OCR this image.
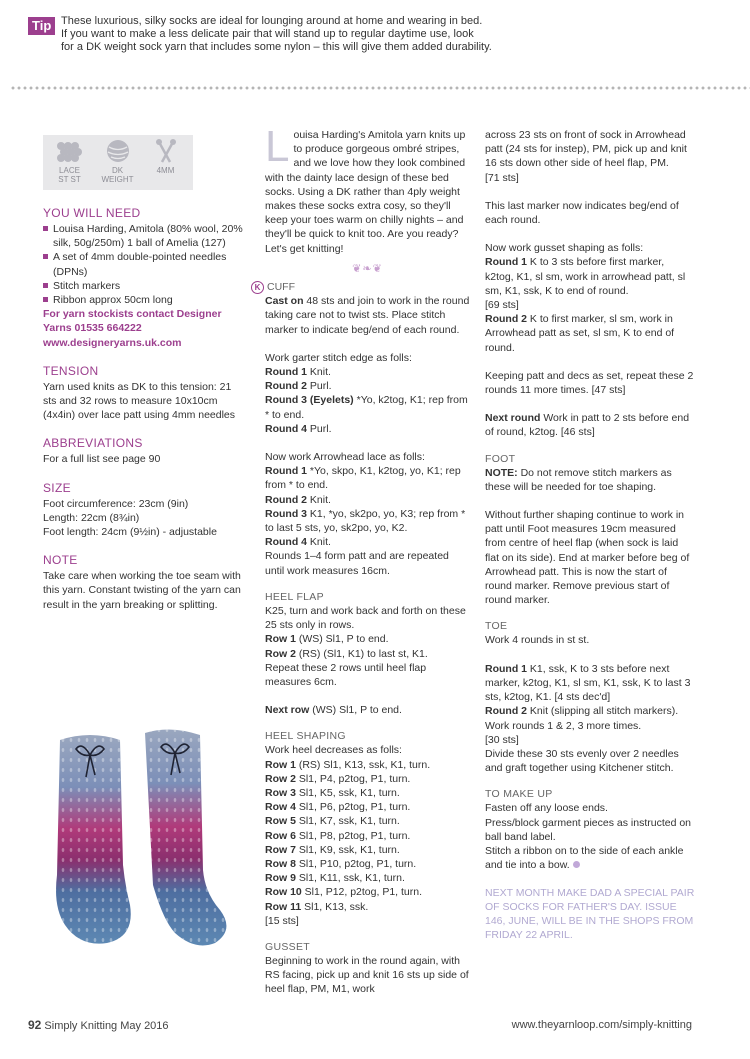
Tip These luxurious, silky socks are ideal for lounging around at home and wearing in bed.
If you want to make a less delicate pair that will stand up to regular daytime use, look
for a DK weight sock yarn that includes some nylon – this will give them added durability.
LACE
ST ST
DK
WEIGHT
4MM
YOU WILL NEED
Louisa Harding, Amitola (80% wool, 20% silk, 50g/250m) 1 ball of Amelia (127)
A set of 4mm double-pointed needles (DPNs)
Stitch markers
Ribbon approx 50cm long

For yarn stockists contact Designer Yarns 01535 664222 www.designeryarns.uk.com

TENSION

Yarn used knits as DK to this tension: 21 sts and 32 rows to measure 10x10cm (4x4in) over lace patt using 4mm needles

ABBREVIATIONS

For a full list see page 90

SIZE

Foot circumference: 23cm (9in)

Length: 22cm (8¾in)

Foot length: 24cm (9½in) - adjustable

NOTE

Take care when working the toe seam with this yarn. Constant twisting of the yarn can result in the yarn breaking or splitting.

Louisa Harding's Amitola yarn knits up to produce gorgeous ombré stripes, and we love how they look combined with the dainty lace design of these bed socks. Using a DK rather than 4ply weight makes these socks extra cosy, so they'll keep your toes warm on chilly nights – and they'll be quick to knit too. Are you ready? Let's get knitting!

❦❧❦
K CUFF

Cast on 48 sts and join to work in the round taking care not to twist sts. Place stitch marker to indicate beg/end of each round.

Work garter stitch edge as folls:

Round 1 Knit.

Round 2 Purl.

Round 3 (Eyelets) *Yo, k2tog, K1; rep from * to end.

Round 4 Purl.

Now work Arrowhead lace as folls:

Round 1 *Yo, skpo, K1, k2tog, yo, K1; rep from * to end.

Round 2 Knit.

Round 3 K1, *yo, sk2po, yo, K3; rep from * to last 5 sts, yo, sk2po, yo, K2.

Round 4 Knit.

Rounds 1–4 form patt and are repeated until work measures 16cm.

HEEL FLAP

K25, turn and work back and forth on these 25 sts only in rows.

Row 1 (WS) Sl1, P to end.

Row 2 (RS) (Sl1, K1) to last st, K1.

Repeat these 2 rows until heel flap measures 6cm.

Next row (WS) Sl1, P to end.

HEEL SHAPING

Work heel decreases as folls:

Row 1 (RS) Sl1, K13, ssk, K1, turn.

Row 2 Sl1, P4, p2tog, P1, turn.

Row 3 Sl1, K5, ssk, K1, turn.

Row 4 Sl1, P6, p2tog, P1, turn.

Row 5 Sl1, K7, ssk, K1, turn.

Row 6 Sl1, P8, p2tog, P1, turn.

Row 7 Sl1, K9, ssk, K1, turn.

Row 8 Sl1, P10, p2tog, P1, turn.

Row 9 Sl1, K11, ssk, K1, turn.

Row 10 Sl1, P12, p2tog, P1, turn.

Row 11 Sl1, K13, ssk.

[15 sts]

GUSSET

Beginning to work in the round again, with RS facing, pick up and knit 16 sts up side of heel flap, PM, M1, work

across 23 sts on front of sock in Arrowhead patt (24 sts for instep), PM, pick up and knit 16 sts down other side of heel flap, PM.

[71 sts]

This last marker now indicates beg/end of each round.

Now work gusset shaping as folls:

Round 1 K to 3 sts before first marker, k2tog, K1, sl sm, work in arrowhead patt, sl sm, K1, ssk, K to end of round.

[69 sts]

Round 2 K to first marker, sl sm, work in Arrowhead patt as set, sl sm, K to end of round.

Keeping patt and decs as set, repeat these 2 rounds 11 more times. [47 sts]

Next round Work in patt to 2 sts before end of round, k2tog. [46 sts]

FOOT

NOTE: Do not remove stitch markers as these will be needed for toe shaping.

Without further shaping continue to work in patt until Foot measures 19cm measured from centre of heel flap (when sock is laid flat on its side). End at marker before beg of Arrowhead patt. This is now the start of round marker. Remove previous start of round marker.

TOE

Work 4 rounds in st st.

Round 1 K1, ssk, K to 3 sts before next marker, k2tog, K1, sl sm, K1, ssk, K to last 3 sts, k2tog, K1. [4 sts dec'd]

Round 2 Knit (slipping all stitch markers).

Work rounds 1 & 2, 3 more times.

[30 sts]

Divide these 30 sts evenly over 2 needles and graft together using Kitchener stitch.

TO MAKE UP

Fasten off any loose ends.

Press/block garment pieces as instructed on ball band label.

Stitch a ribbon on to the side of each ankle and tie into a bow.

NEXT MONTH MAKE DAD A SPECIAL PAIR OF SOCKS FOR FATHER'S DAY. ISSUE 146, JUNE, WILL BE IN THE SHOPS FROM FRIDAY 22 APRIL.

92 Simply Knitting May 2016	www.theyarnloop.com/simply-knitting
